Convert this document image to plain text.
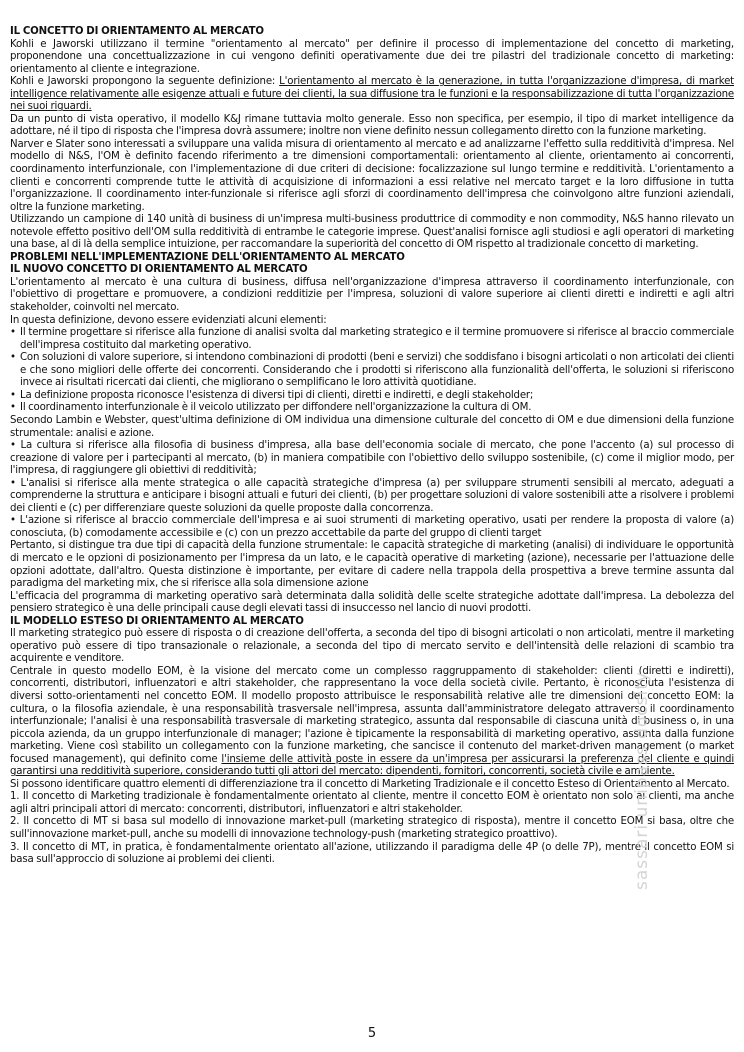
IL CONCETTO DI ORIENTAMENTO AL MERCATO

Kohli e Jaworski utilizzano il termine "orientamento al mercato" per definire il processo di implementazione del concetto di marketing, proponendone una concettualizzazione in cui vengono definiti operativamente due dei tre pilastri del tradizionale concetto di marketing: orientamento al cliente e integrazione.

Kohli e Jaworski propongono la seguente definizione: L'orientamento al mercato è la generazione, in tutta l'organizzazione d'impresa, di market intelligence relativamente alle esigenze attuali e future dei clienti, la sua diffusione tra le funzioni e la responsabilizzazione di tutta l'organizzazione nei suoi riguardi.

Da un punto di vista operativo, il modello K&J rimane tuttavia molto generale. Esso non specifica, per esempio, il tipo di market intelligence da adottare, né il tipo di risposta che l'impresa dovrà assumere; inoltre non viene definito nessun collegamento diretto con la funzione marketing.

Narver e Slater sono interessati a sviluppare una valida misura di orientamento al mercato e ad analizzarne l'effetto sulla redditività d'impresa. Nel modello di N&S, l'OM è definito facendo riferimento a tre dimensioni comportamentali: orientamento al cliente, orientamento ai concorrenti, coordinamento interfunzionale, con l'implementazione di due criteri di decisione: focalizzazione sul lungo termine e redditività. L'orientamento a clienti e concorrenti comprende tutte le attività di acquisizione di informazioni a essi relative nel mercato target e la loro diffusione in tutta l'organizzazione. Il coordinamento inter-funzionale si riferisce agli sforzi di coordinamento dell'impresa che coinvolgono altre funzioni aziendali, oltre la funzione marketing.

Utilizzando un campione di 140 unità di business di un'impresa multi-business produttrice di commodity e non commodity, N&S hanno rilevato un notevole effetto positivo dell'OM sulla redditività di entrambe le categorie imprese. Quest'analisi fornisce agli studiosi e agli operatori di marketing una base, al di là della semplice intuizione, per raccomandare la superiorità del concetto di OM rispetto al tradizionale concetto di marketing.

PROBLEMI NELL'IMPLEMENTAZIONE DELL'ORIENTAMENTO AL MERCATO

IL NUOVO CONCETTO DI ORIENTAMENTO AL MERCATO

L'orientamento al mercato è una cultura di business, diffusa nell'organizzazione d'impresa attraverso il coordinamento interfunzionale, con l'obiettivo di progettare e promuovere, a condizioni redditizie per l'impresa, soluzioni di valore superiore ai clienti diretti e indiretti e agli altri stakeholder, coinvolti nel mercato.

In questa definizione, devono essere evidenziati alcuni elementi:

• Il termine progettare si riferisce alla funzione di analisi svolta dal marketing strategico e il termine promuovere si riferisce al braccio commerciale dell'impresa costituito dal marketing operativo.
• Con soluzioni di valore superiore, si intendono combinazioni di prodotti (beni e servizi) che soddisfano i bisogni articolati o non articolati dei clienti e che sono migliori delle offerte dei concorrenti. Considerando che i prodotti si riferiscono alla funzionalità dell'offerta, le soluzioni si riferiscono invece ai risultati ricercati dai clienti, che migliorano o semplificano le loro attività quotidiane.
• La definizione proposta riconosce l'esistenza di diversi tipi di clienti, diretti e indiretti, e degli stakeholder;
• Il coordinamento interfunzionale è il veicolo utilizzato per diffondere nell'organizzazione la cultura di OM.

Secondo Lambin e Webster, quest'ultima definizione di OM individua una dimensione culturale del concetto di OM e due dimensioni della funzione strumentale: analisi e azione.

• La cultura si riferisce alla filosofia di business d'impresa, alla base dell'economia sociale di mercato, che pone l'accento (a) sul processo di creazione di valore per i partecipanti al mercato, (b) in maniera compatibile con l'obiettivo dello sviluppo sostenibile, (c) come il miglior modo, per l'impresa, di raggiungere gli obiettivi di redditività;

• L'analisi si riferisce alla mente strategica o alle capacità strategiche d'impresa (a) per sviluppare strumenti sensibili al mercato, adeguati a comprenderne la struttura e anticipare i bisogni attuali e futuri dei clienti, (b) per progettare soluzioni di valore sostenibili atte a risolvere i problemi dei clienti e (c) per differenziare queste soluzioni da quelle proposte dalla concorrenza.

• L'azione si riferisce al braccio commerciale dell'impresa e ai suoi strumenti di marketing operativo, usati per rendere la proposta di valore (a) conosciuta, (b) comodamente accessibile e (c) con un prezzo accettabile da parte del gruppo di clienti target

Pertanto, si distingue tra due tipi di capacità della funzione strumentale: le capacità strategiche di marketing (analisi) di individuare le opportunità di mercato e le opzioni di posizionamento per l'impresa da un lato, e le capacità operative di marketing (azione), necessarie per l'attuazione delle opzioni adottate, dall'altro. Questa distinzione è importante, per evitare di cadere nella trappola della prospettiva a breve termine assunta dal paradigma del marketing mix, che si riferisce alla sola dimensione azione

L'efficacia del programma di marketing operativo sarà determinata dalla solidità delle scelte strategiche adottate dall'impresa. La debolezza del pensiero strategico è una delle principali cause degli elevati tassi di insuccesso nel lancio di nuovi prodotti.

IL MODELLO ESTESO DI ORIENTAMENTO AL MERCATO

Il marketing strategico può essere di risposta o di creazione dell'offerta, a seconda del tipo di bisogni articolati o non articolati, mentre il marketing operativo può essere di tipo transazionale o relazionale, a seconda del tipo di mercato servito e dell'intensità delle relazioni di scambio tra acquirente e venditore.

Centrale in questo modello EOM, è la visione del mercato come un complesso raggruppamento di stakeholder: clienti (diretti e indiretti), concorrenti, distributori, influenzatori e altri stakeholder, che rappresentano la voce della società civile. Pertanto, è riconosciuta l'esistenza di diversi sotto-orientamenti nel concetto EOM. Il modello proposto attribuisce le responsabilità relative alle tre dimensioni del concetto EOM: la cultura, o la filosofia aziendale, è una responsabilità trasversale nell'impresa, assunta dall'amministratore delegato attraverso il coordinamento interfunzionale; l'analisi è una responsabilità trasversale di marketing strategico, assunta dal responsabile di ciascuna unità di business o, in una piccola azienda, da un gruppo interfunzionale di manager; l'azione è tipicamente la responsabilità di marketing operativo, assunta dalla funzione marketing. Viene così stabilito un collegamento con la funzione marketing, che sancisce il contenuto del market-driven management (o market focused management), qui definito come l'insieme delle attività poste in essere da un'impresa per assicurarsi la preferenza del cliente e quindi garantirsi una redditività superiore, considerando tutti gli attori del mercato: dipendenti, fornitori, concorrenti, società civile e ambiente.

Si possono identificare quattro elementi di differenziazione tra il concetto di Marketing Tradizionale e il concetto Esteso di Orientamento al Mercato.

1. Il concetto di Marketing tradizionale è fondamentalmente orientato al cliente, mentre il concetto EOM è orientato non solo ai clienti, ma anche agli altri principali attori di mercato: concorrenti, distributori, influenzatori e altri stakeholder.

2. Il concetto di MT si basa sul modello di innovazione market-pull (marketing strategico di risposta), mentre il concetto EOM si basa, oltre che sull'innovazione market-pull, anche su modelli di innovazione technology-push (marketing strategico proattivo).

3. Il concetto di MT, in pratica, è fondamentalmente orientato all'azione, utilizzando il paradigma delle 4P (o delle 7P), mentre il concetto EOM si basa sull'approccio di soluzione ai problemi dei clienti.	sassari unipass docsity
5
